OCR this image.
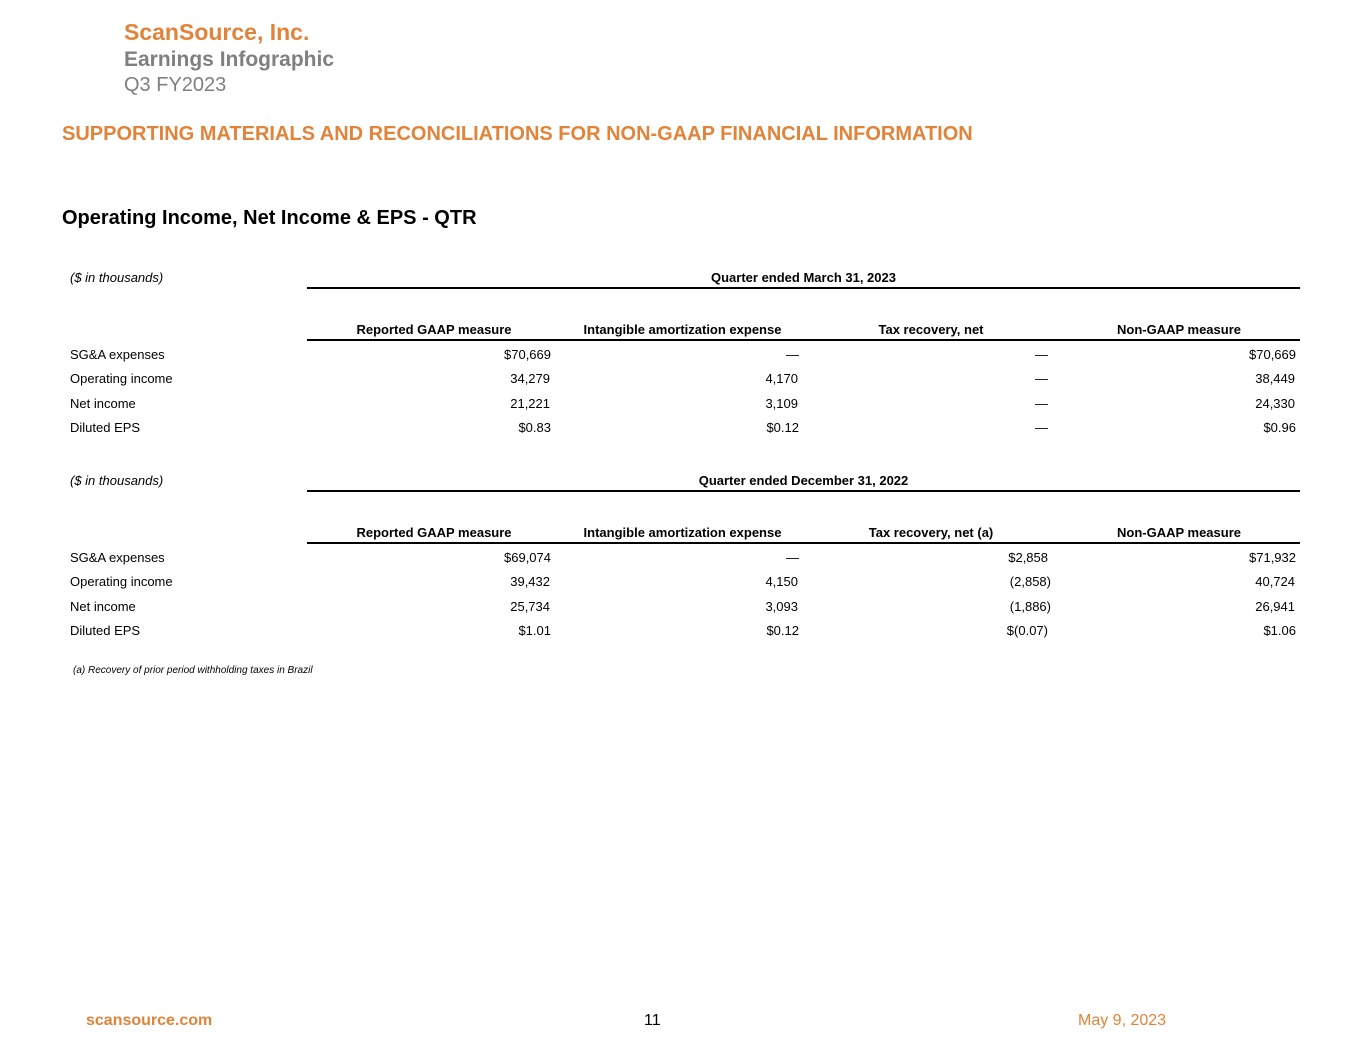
ScanSource, Inc.
Earnings Infographic
Q3 FY2023
SUPPORTING MATERIALS AND RECONCILIATIONS FOR NON-GAAP FINANCIAL INFORMATION
Operating Income, Net Income & EPS - QTR
($ in thousands)	Quarter ended March 31, 2023
Reported GAAP measure	Intangible amortization expense	Tax recovery, net	Non-GAAP measure
SG&A expenses	$70,669	—	—	$70,669
Operating income	34,279	4,170	—	38,449
Net income	21,221	3,109	—	24,330
Diluted EPS	$0.83	$0.12	—	$0.96
($ in thousands)	Quarter ended December 31, 2022
Reported GAAP measure	Intangible amortization expense	Tax recovery, net (a)	Non-GAAP measure
SG&A expenses	$69,074	—	$2,858	$71,932
Operating income	39,432	4,150	(2,858)	40,724
Net income	25,734	3,093	(1,886)	26,941
Diluted EPS	$1.01	$0.12	$(0.07)	$1.06
(a) Recovery of prior period withholding taxes in Brazil
scansource.com	11	May 9, 2023
